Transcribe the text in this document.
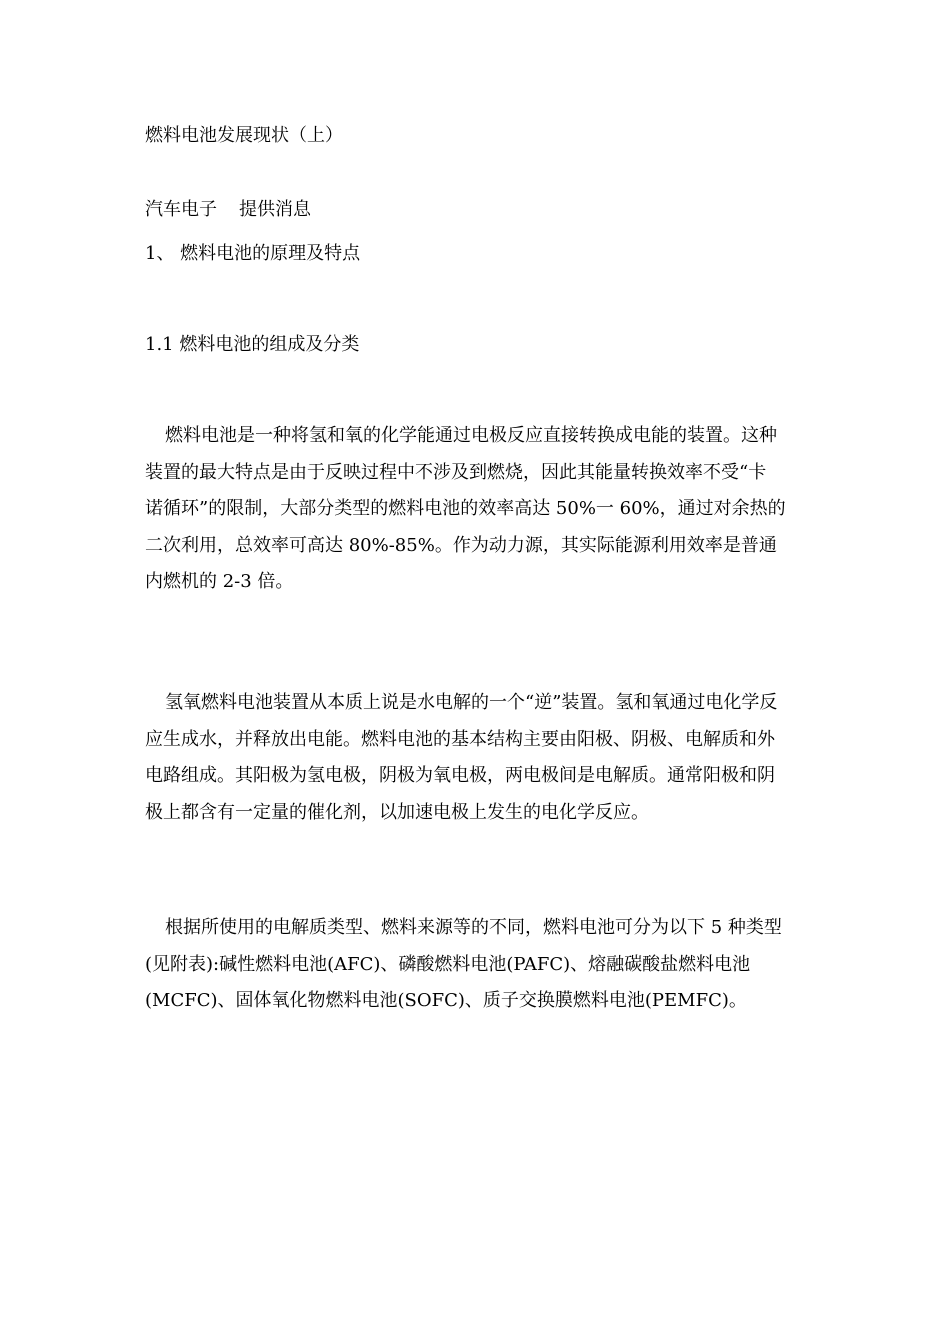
燃料电池发展现状（上）
汽车电子 提供消息
1、 燃料电池的原理及特点
1.1 燃料电池的组成及分类
燃料电池是一种将氢和氧的化学能通过电极反应直接转换成电能的装置。这种
装置的最大特点是由于反映过程中不涉及到燃烧，因此其能量转换效率不受“卡
诺循环”的限制，大部分类型的燃料电池的效率高达 50%一 60%，通过对余热的
二次利用，总效率可高达 80%-85%。作为动力源，其实际能源利用效率是普通
内燃机的 2-3 倍。
氢氧燃料电池装置从本质上说是水电解的一个“逆”装置。氢和氧通过电化学反
应生成水，并释放出电能。燃料电池的基本结构主要由阳极、阴极、电解质和外
电路组成。其阳极为氢电极，阴极为氧电极，两电极间是电解质。通常阳极和阴
极上都含有一定量的催化剂，以加速电极上发生的电化学反应。
根据所使用的电解质类型、燃料来源等的不同，燃料电池可分为以下 5 种类型
(见附表):碱性燃料电池(AFC)、磷酸燃料电池(PAFC)、熔融碳酸盐燃料电池
(MCFC)、固体氧化物燃料电池(SOFC)、质子交换膜燃料电池(PEMFC)。
